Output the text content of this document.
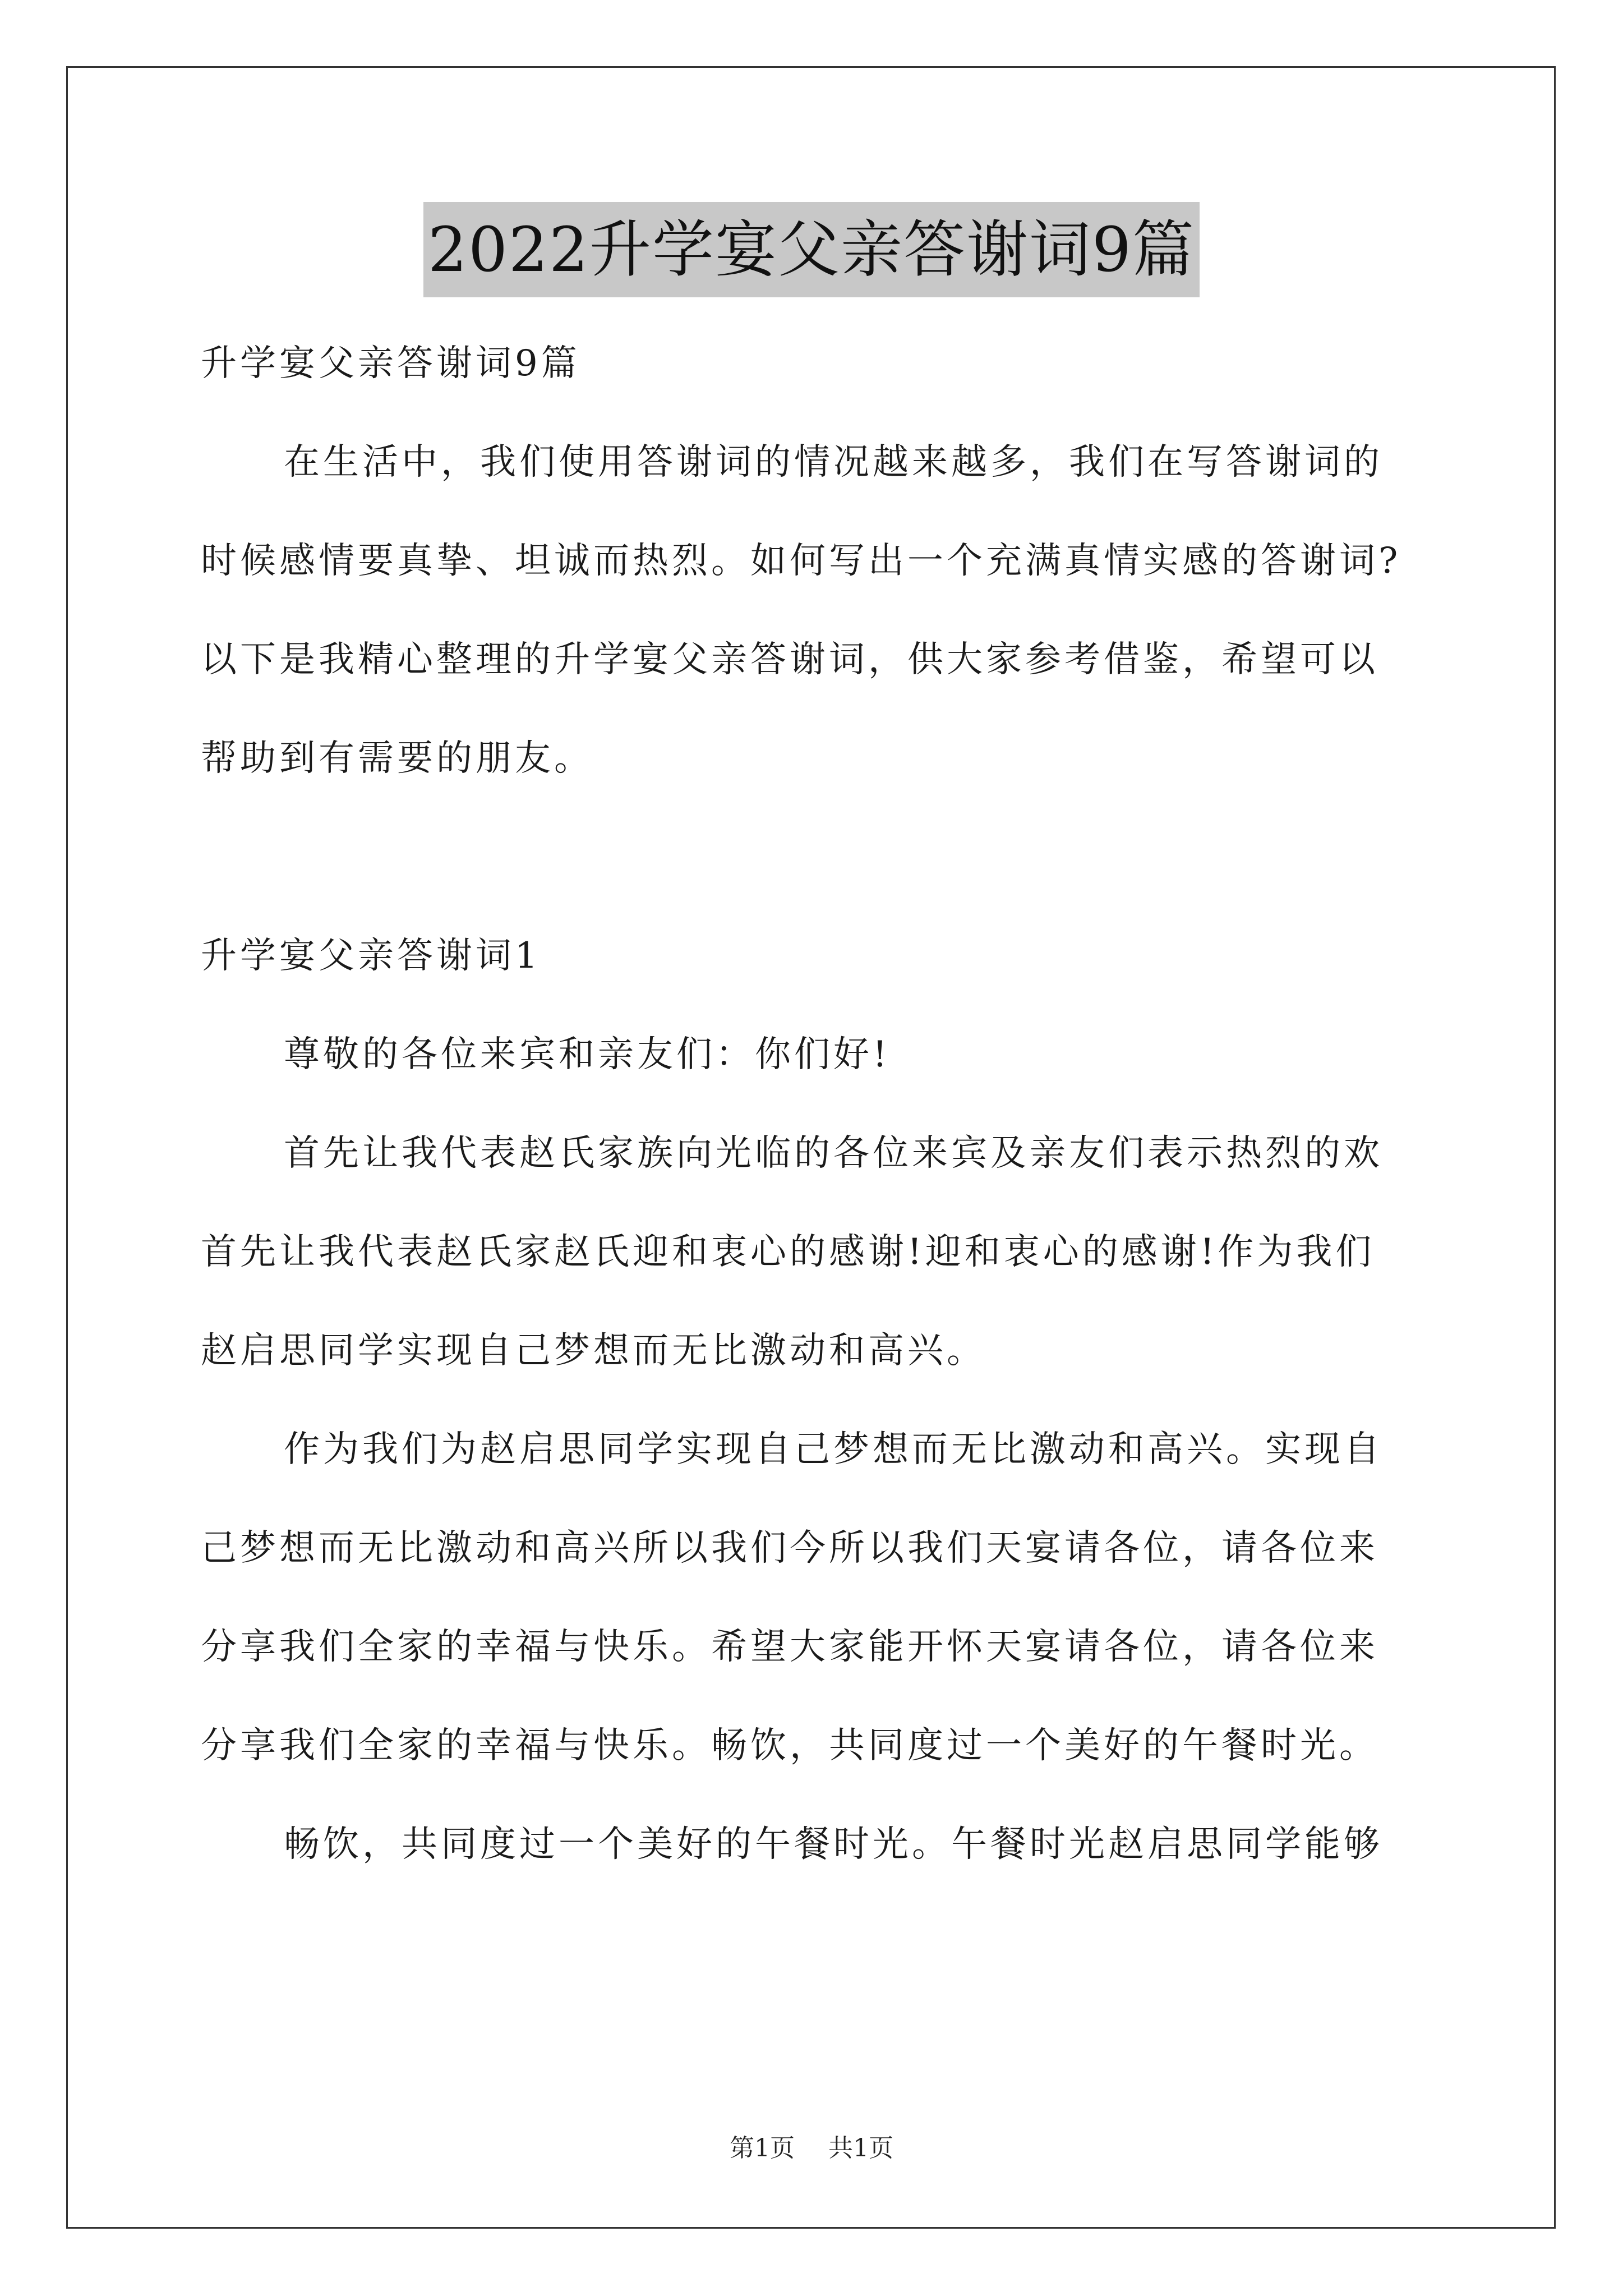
2022升学宴父亲答谢词9篇

升学宴父亲答谢词9篇

在生活中，我们使用答谢词的情况越来越多，我们在写答谢词的

时候感情要真挚、坦诚而热烈。如何写出一个充满真情实感的答谢词?

以下是我精心整理的升学宴父亲答谢词，供大家参考借鉴，希望可以

帮助到有需要的朋友。

升学宴父亲答谢词1

尊敬的各位来宾和亲友们：你们好!

首先让我代表赵氏家族向光临的各位来宾及亲友们表示热烈的欢

首先让我代表赵氏家赵氏迎和衷心的感谢!迎和衷心的感谢!作为我们

赵启思同学实现自己梦想而无比激动和高兴。

作为我们为赵启思同学实现自己梦想而无比激动和高兴。实现自

己梦想而无比激动和高兴所以我们今所以我们天宴请各位，请各位来

分享我们全家的幸福与快乐。希望大家能开怀天宴请各位，请各位来

分享我们全家的幸福与快乐。畅饮，共同度过一个美好的午餐时光。

畅饮，共同度过一个美好的午餐时光。午餐时光赵启思同学能够

第1页 共1页
